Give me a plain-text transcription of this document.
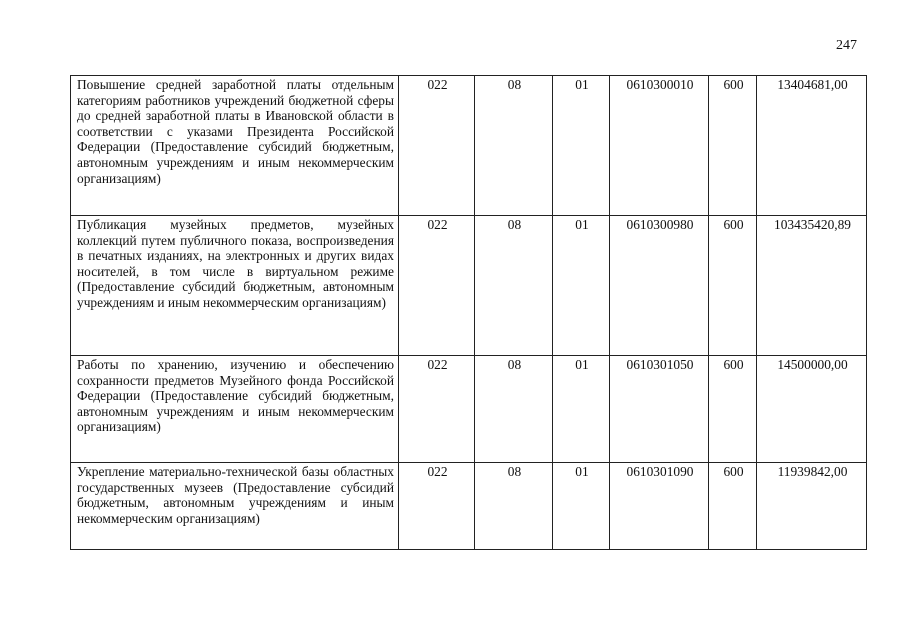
247
Повышение средней заработной платы отдельным категориям работников учреждений бюджетной сферы до средней заработной платы в Ивановской области в соответствии с указами Президента Российской Федерации (Предоставление субсидий бюджетным, автономным учреждениям и иным некоммерческим организациям)	022	08	01	0610300010	600	13404681,00
Публикация музейных предметов, музейных коллекций путем публичного показа, воспроизведения в печатных изданиях, на электронных и других видах носителей, в том числе в виртуальном режиме (Предоставление субсидий бюджетным, автономным учреждениям и иным некоммерческим организациям)	022	08	01	0610300980	600	103435420,89
Работы по хранению, изучению и обеспечению сохранности предметов Музейного фонда Российской Федерации (Предоставление субсидий бюджетным, автономным учреждениям и иным некоммерческим организациям)	022	08	01	0610301050	600	14500000,00
Укрепление материально-технической базы областных государственных музеев (Предоставление субсидий бюджетным, автономным учреждениям и иным некоммерческим организациям)	022	08	01	0610301090	600	11939842,00
